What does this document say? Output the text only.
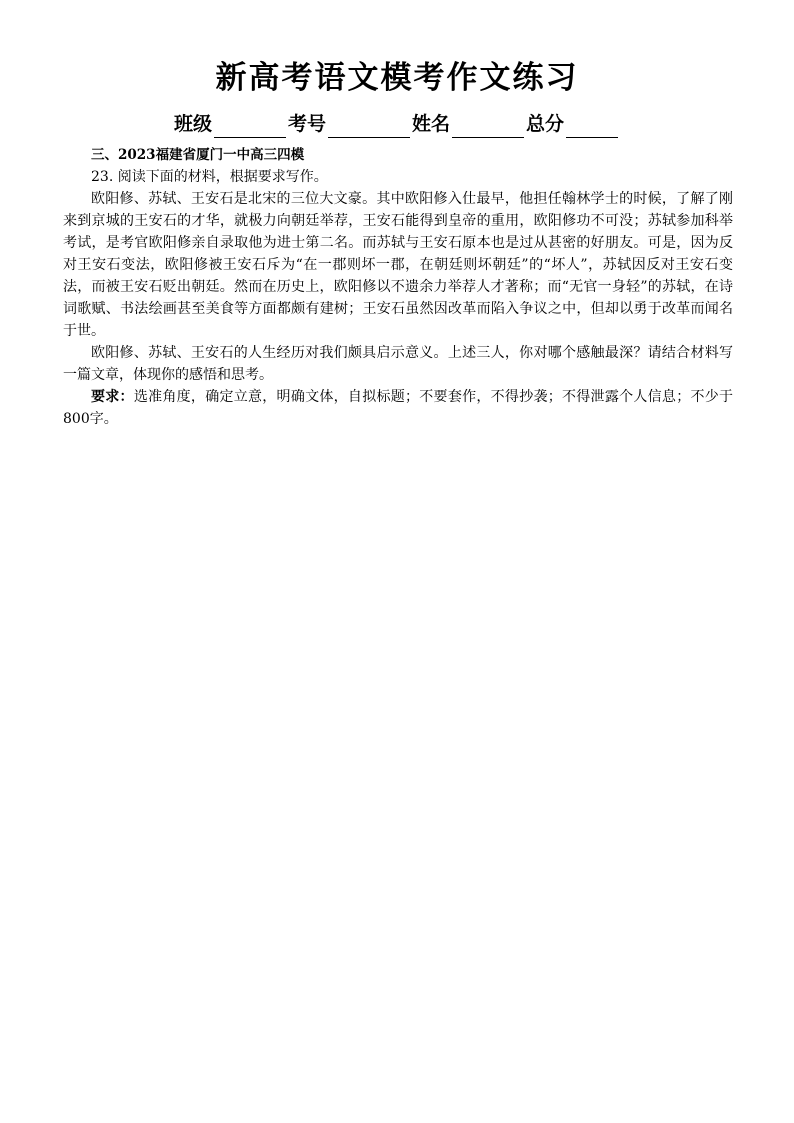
新高考语文模考作文练习
班级	考号	姓名	总分

三、2023福建省厦门一中高三四模

23. 阅读下面的材料，根据要求写作。

欧阳修、苏轼、王安石是北宋的三位大文豪。其中欧阳修入仕最早，他担任翰林学士的时候，了解了刚来到京城的王安石的才华，就极力向朝廷举荐，王安石能得到皇帝的重用，欧阳修功不可没；苏轼参加科举考试，是考官欧阳修亲自录取他为进士第二名。而苏轼与王安石原本也是过从甚密的好朋友。可是，因为反对王安石变法，欧阳修被王安石斥为“在一郡则坏一郡，在朝廷则坏朝廷”的“坏人”，苏轼因反对王安石变法，而被王安石贬出朝廷。然而在历史上，欧阳修以不遗余力举荐人才著称；而“无官一身轻”的苏轼，在诗词歌赋、书法绘画甚至美食等方面都颇有建树；王安石虽然因改革而陷入争议之中，但却以勇于改革而闻名于世。

欧阳修、苏轼、王安石的人生经历对我们颇具启示意义。上述三人，你对哪个感触最深？请结合材料写一篇文章，体现你的感悟和思考。

要求：选准角度，确定立意，明确文体，自拟标题；不要套作，不得抄袭；不得泄露个人信息；不少于800字。
